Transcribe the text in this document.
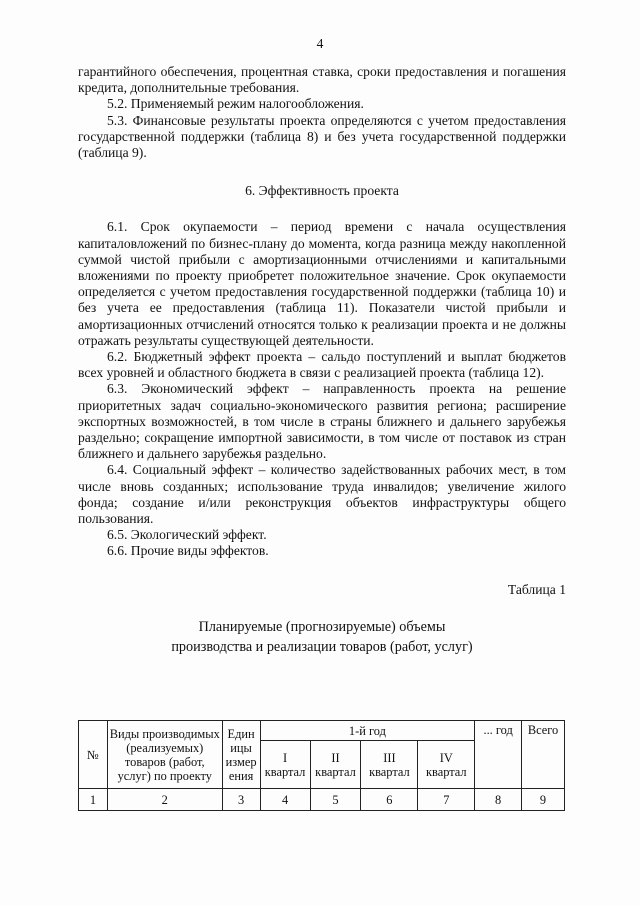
4

гарантийного обеспечения, процентная ставка, сроки предоставления и погашения кредита, дополнительные требования.

5.2. Применяемый режим налогообложения.

5.3. Финансовые результаты проекта определяются с учетом предоставления государственной поддержки (таблица 8) и без учета государственной поддержки (таблица 9).

6. Эффективность проекта

6.1. Срок окупаемости – период времени с начала осуществления капиталовложений по бизнес-плану до момента, когда разница между накопленной суммой чистой прибыли с амортизационными отчислениями и капитальными вложениями по проекту приобретет положительное значение. Срок окупаемости определяется с учетом предоставления государственной поддержки (таблица 10) и без учета ее предоставления (таблица 11). Показатели чистой прибыли и амортизационных отчислений относятся только к реализации проекта и не должны отражать результаты существующей деятельности.

6.2. Бюджетный эффект проекта – сальдо поступлений и выплат бюджетов всех уровней и областного бюджета в связи с реализацией проекта (таблица 12).

6.3. Экономический эффект – направленность проекта на решение приоритетных задач социально-экономического развития региона; расширение экспортных возможностей, в том числе в страны ближнего и дальнего зарубежья раздельно; сокращение импортной зависимости, в том числе от поставок из стран ближнего и дальнего зарубежья раздельно.

6.4. Социальный эффект – количество задействованных рабочих мест, в том числе вновь созданных; использование труда инвалидов; увеличение жилого фонда; создание и/или реконструкция объектов инфраструктуры общего пользования.

6.5. Экологический эффект.

6.6. Прочие виды эффектов.

Таблица 1

Планируемые (прогнозируемые) объемы
производства и реализации товаров (работ, услуг)

№	Виды производимых (реализуемых) товаров (работ, услуг) по проекту	Един ицы измер ения	1-й год				... год	Всего
			I квартал	II квартал	III квартал	IV квартал		
1	2	3	4	5	6	7	8	9
